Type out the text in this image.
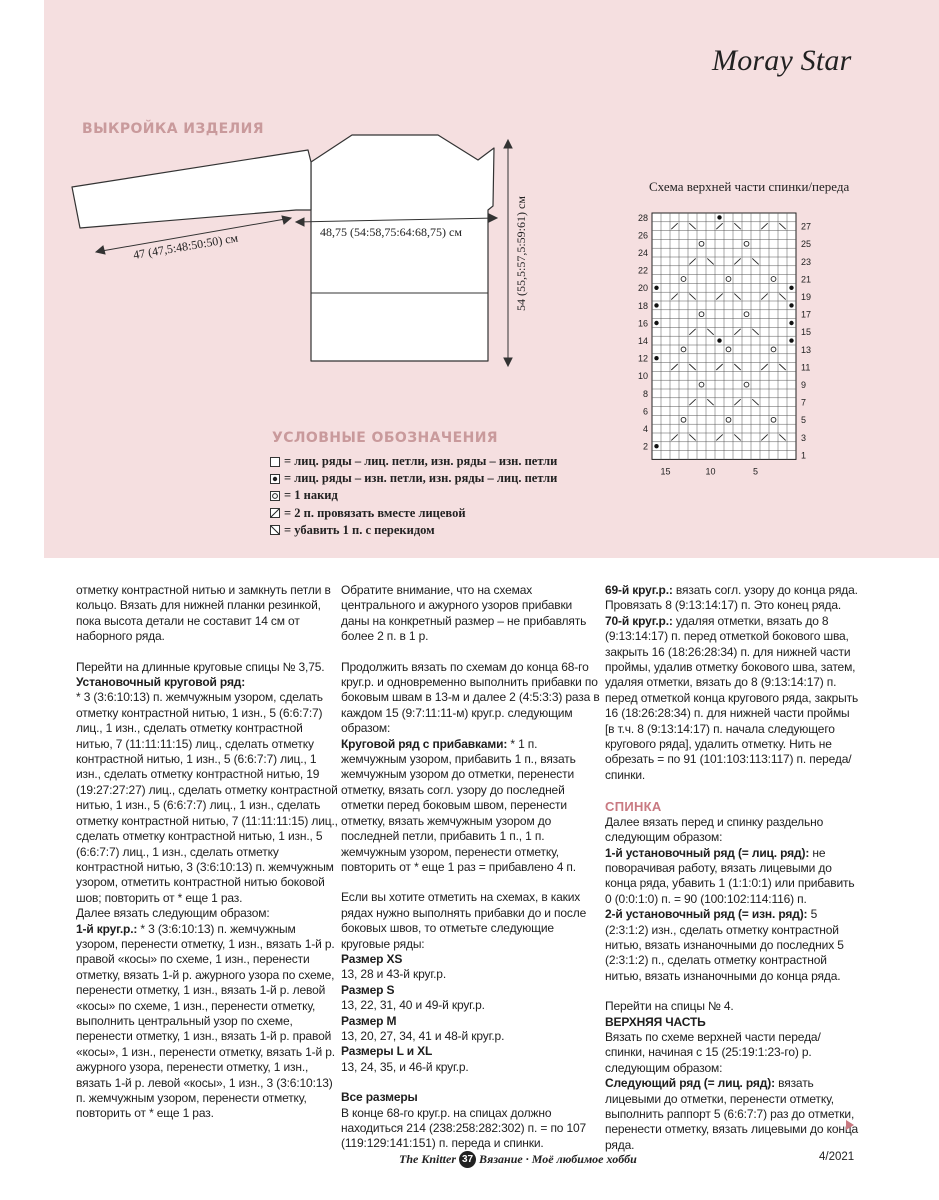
Moray Star
ВЫКРОЙКА ИЗДЕЛИЯ
48,75 (54:58,75:64:68,75) см
47 (47,5:48:50:50) см	54 (55,5:57,5:59:61) см
УСЛОВНЫЕ ОБОЗНАЧЕНИЯ
= лиц. ряды – лиц. петли, изн. ряды – изн. петли
= лиц. ряды – изн. петли, изн. ряды – лиц. петли
= 1 накид
= 2 п. провязать вместе лицевой
= убавить 1 п. с перекидом
Схема верхней части спинки/переда
28
26
24
22
20
18
16
14
12
10
8
6
4
2
27
25
23
21
19
17
15
13
11
9
7
5
3
1
15	10	5

отметку контрастной нитью и замкнуть петли в кольцо. Вязать для нижней планки резинкой, пока высота детали не составит 14 см от наборного ряда.

Перейти на длинные круговые спицы № 3,75.

Установочный круговой ряд:

* 3 (3:6:10:13) п. жемчужным узором, сделать отметку контрастной нитью, 1 изн., 5 (6:6:7:7) лиц., 1 изн., сделать отметку контрастной нитью, 7 (11:11:11:15) лиц., сделать отметку контрастной нитью, 1 изн., 5 (6:6:7:7) лиц., 1 изн., сделать отметку контрастной нитью, 19 (19:27:27:27) лиц., сделать отметку контрастной нитью, 1 изн., 5 (6:6:7:7) лиц., 1 изн., сделать отметку контрастной нитью, 7 (11:11:11:15) лиц., сделать отметку контрастной нитью, 1 изн., 5 (6:6:7:7) лиц., 1 изн., сделать отметку контрастной нитью, 3 (3:6:10:13) п. жемчужным узором, отметить контрастной нитью боковой шов; повторить от * еще 1 раз.

Далее вязать следующим образом:

1-й круг.р.: * 3 (3:6:10:13) п. жемчужным узором, перенести отметку, 1 изн., вязать 1-й р. правой «косы» по схеме, 1 изн., перенести отметку, вязать 1-й р. ажурного узора по схеме, перенести отметку, 1 изн., вязать 1-й р. левой «косы» по схеме, 1 изн., перенести отметку, выполнить центральный узор по схеме, перенести отметку, 1 изн., вязать 1-й р. правой «косы», 1 изн., перенести отметку, вязать 1-й р. ажурного узора, перенести отметку, 1 изн., вязать 1-й р. левой «косы», 1 изн., 3 (3:6:10:13) п. жемчужным узором, перенести отметку, повторить от * еще 1 раз.

Обратите внимание, что на схемах центрального и ажурного узоров прибавки даны на конкретный размер – не прибавлять более 2 п. в 1 р.

Продолжить вязать по схемам до конца 68-го круг.р. и одновременно выполнить прибавки по боковым швам в 13-м и далее 2 (4:5:3:3) раза в каждом 15 (9:7:11:11-м) круг.р. следующим образом:

Круговой ряд с прибавками: * 1 п. жемчужным узором, прибавить 1 п., вязать жемчужным узором до отметки, перенести отметку, вязать согл. узору до последней отметки перед боковым швом, перенести отметку, вязать жемчужным узором до последней петли, прибавить 1 п., 1 п. жемчужным узором, перенести отметку, повторить от * еще 1 раз = прибавлено 4 п.

Если вы хотите отметить на схемах, в каких рядах нужно выполнять прибавки до и после боковых швов, то отметьте следующие круговые ряды:

Размер XS

13, 28 и 43-й круг.р.

Размер S

13, 22, 31, 40 и 49-й круг.р.

Размер M

13, 20, 27, 34, 41 и 48-й круг.р.

Размеры L и XL

13, 24, 35, и 46-й круг.р.

Все размеры

В конце 68-го круг.р. на спицах должно находиться 214 (238:258:282:302) п. = по 107 (119:129:141:151) п. переда и спинки.

69-й круг.р.: вязать согл. узору до конца ряда. Провязать 8 (9:13:14:17) п. Это конец ряда.

70-й круг.р.: удаляя отметки, вязать до 8 (9:13:14:17) п. перед отметкой бокового шва, закрыть 16 (18:26:28:34) п. для нижней части проймы, удалив отметку бокового шва, затем, удаляя отметки, вязать до 8 (9:13:14:17) п. перед отметкой конца кругового ряда, закрыть 16 (18:26:28:34) п. для нижней части проймы [в т.ч. 8 (9:13:14:17) п. начала следующего кругового ряда], удалить отметку. Нить не обрезать = по 91 (101:103:113:117) п. переда/спинки.

СПИНКА

Далее вязать перед и спинку раздельно следующим образом:

1-й установочный ряд (= лиц. ряд): не поворачивая работу, вязать лицевыми до конца ряда, убавить 1 (1:1:0:1) или прибавить 0 (0:0:1:0) п. = 90 (100:102:114:116) п.

2-й установочный ряд (= изн. ряд): 5 (2:3:1:2) изн., сделать отметку контрастной нитью, вязать изнаночными до последних 5 (2:3:1:2) п., сделать отметку контрастной нитью, вязать изнаночными до конца ряда.

Перейти на спицы № 4.

ВЕРХНЯЯ ЧАСТЬ

Вязать по схеме верхней части переда/спинки, начиная с 15 (25:19:1:23-го) р. следующим образом:

Следующий ряд (= лиц. ряд): вязать лицевыми до отметки, перенести отметку, выполнить раппорт 5 (6:6:7:7) раз до отметки, перенести отметку, вязать лицевыми до конца ряда.

The Knitter 37 Вязание · Моё любимое хобби	4/2021
